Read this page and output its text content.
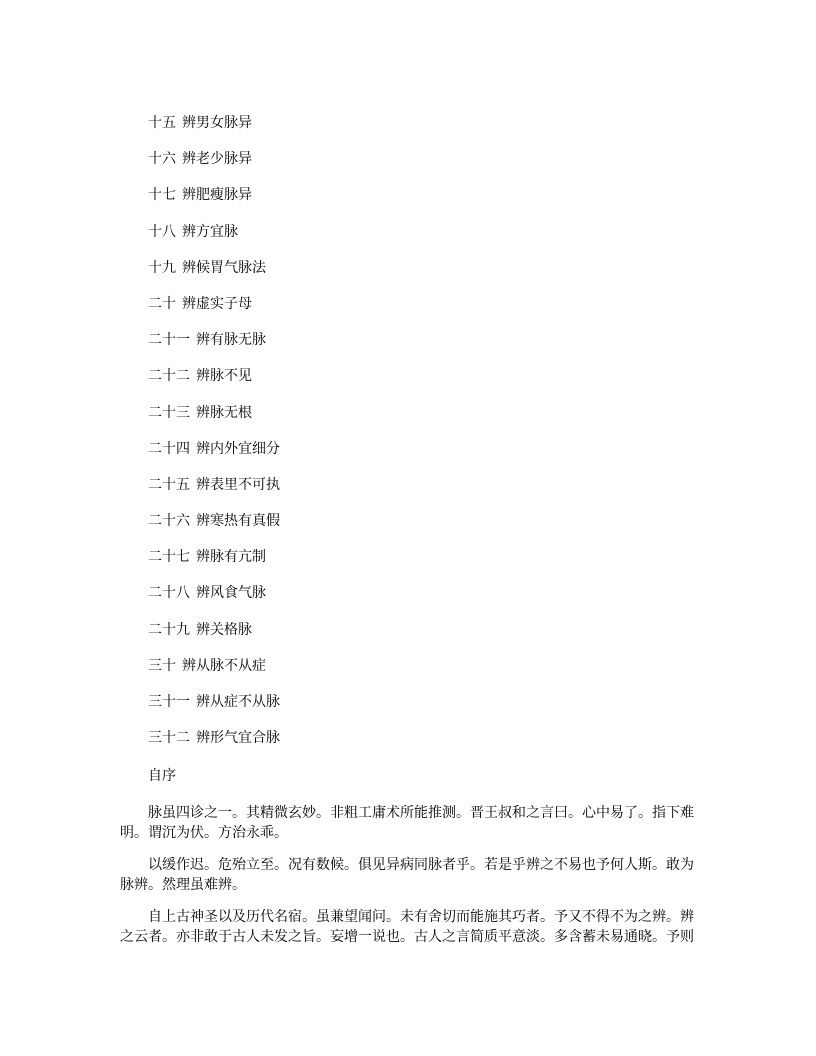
十五 辨男女脉异
十六 辨老少脉异
十七 辨肥瘦脉异
十八 辨方宜脉
十九 辨候胃气脉法
二十 辨虚实子母
二十一 辨有脉无脉
二十二 辨脉不见
二十三 辨脉无根
二十四 辨内外宜细分
二十五 辨表里不可执
二十六 辨寒热有真假
二十七 辨脉有亢制
二十八 辨风食气脉
二十九 辨关格脉
三十 辨从脉不从症
三十一 辨从症不从脉
三十二 辨形气宜合脉
自序

脉虽四诊之一。其精微玄妙。非粗工庸术所能推测。晋王叔和之言曰。心中易了。指下难明。谓沉为伏。方治永乖。

以缓作迟。危殆立至。况有数候。俱见异病同脉者乎。若是乎辨之不易也予何人斯。敢为脉辨。然理虽难辨。

自上古神圣以及历代名宿。虽兼望闻问。未有舍切而能施其巧者。予又不得不为之辨。辨之云者。亦非敢于古人未发之旨。妄增一说也。古人之言简质平意淡。多含蓄未易通晓。予则
